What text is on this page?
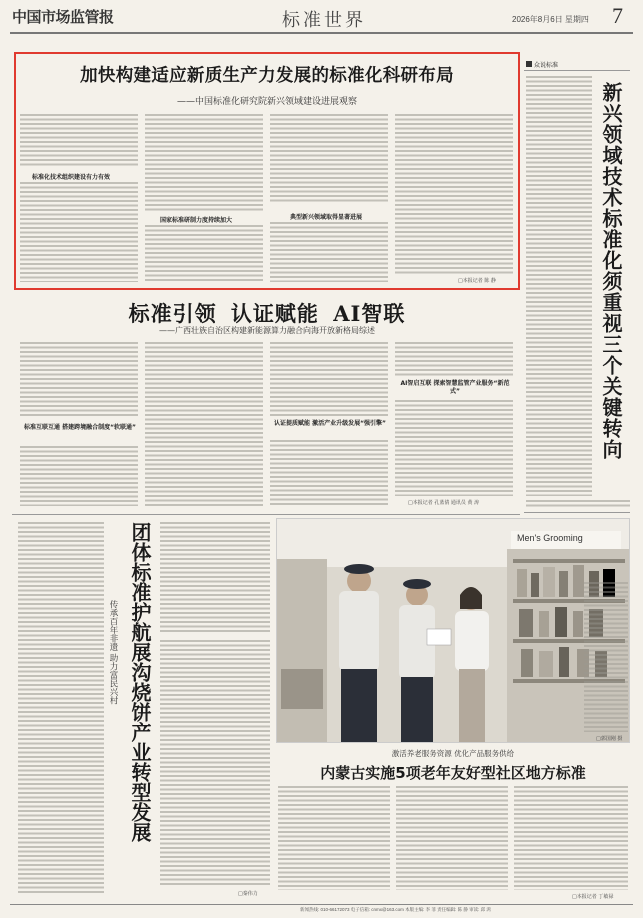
中国市场监管报	标准世界	2026年8月6日 星期四 7
加快构建适应新质生产力发展的标准化科研布局
——中国标准化研究院新兴领域建设进展观察
标准化技术组织建设有力有效
国家标准研制力度持续加大	典型新兴领域取得显著进展
□本报记者 陈 静
众说标准
新兴领域技术标准化须重视三个关键转向
标准引领 认证赋能 AI智联
——广西壮族自治区构建新能源算力融合向海开放新格局综述
标准互联互通 搭建跨境融合制度“软联通”
认证提质赋能 激活产业升级发展“强引擎”
AI智启互联 探索智慧监管产业服务“新范式”
□本报记者 孔蓝倩 通讯员 黄 涛
传承百年非遗 助力富民兴村 团体标准护航展沟烧饼产业转型发展
□秦伟力
Men's Grooming
□郭国刚 摄
激活养老服务资源 优化产品服务供给
内蒙古实施5项老年友好型社区地方标准
□本报记者 丁敏禄
新闻热线: 010-66172073 电子信箱: cnmx@163.com 本版主编: 李 菲 责任编辑: 陈 静 审读: 邱 鸿
